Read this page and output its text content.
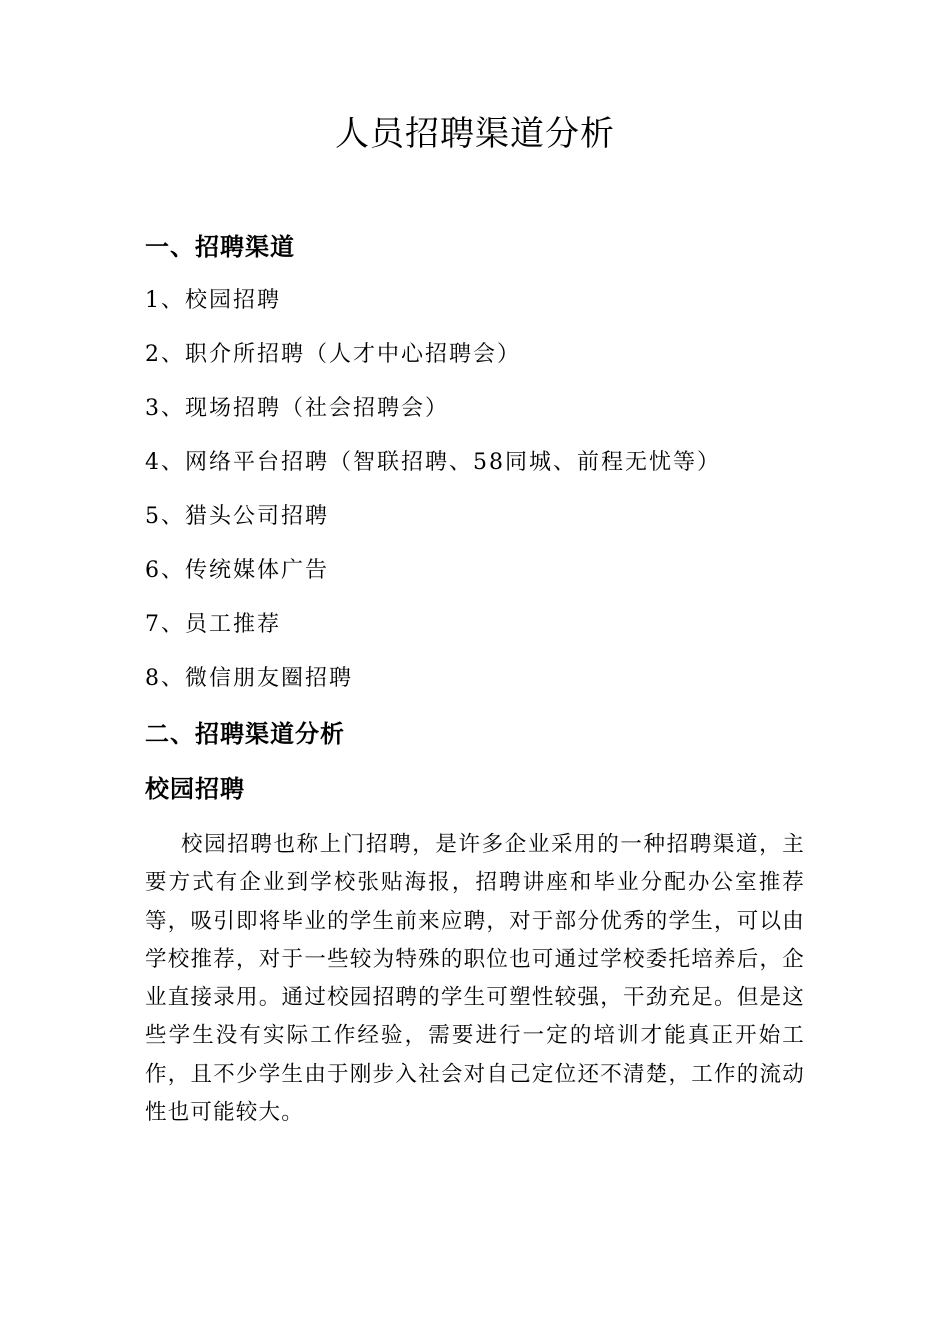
人员招聘渠道分析
一、招聘渠道
1、校园招聘
2、职介所招聘（人才中心招聘会）
3、现场招聘（社会招聘会）
4、网络平台招聘（智联招聘、58同城、前程无忧等）
5、猎头公司招聘
6、传统媒体广告
7、员工推荐
8、微信朋友圈招聘
二、招聘渠道分析
校园招聘
校园招聘也称上门招聘，是许多企业采用的一种招聘渠道，主要方式有企业到学校张贴海报，招聘讲座和毕业分配办公室推荐等，吸引即将毕业的学生前来应聘，对于部分优秀的学生，可以由学校推荐，对于一些较为特殊的职位也可通过学校委托培养后，企业直接录用。通过校园招聘的学生可塑性较强，干劲充足。但是这些学生没有实际工作经验，需要进行一定的培训才能真正开始工作，且不少学生由于刚步入社会对自己定位还不清楚，工作的流动性也可能较大。
